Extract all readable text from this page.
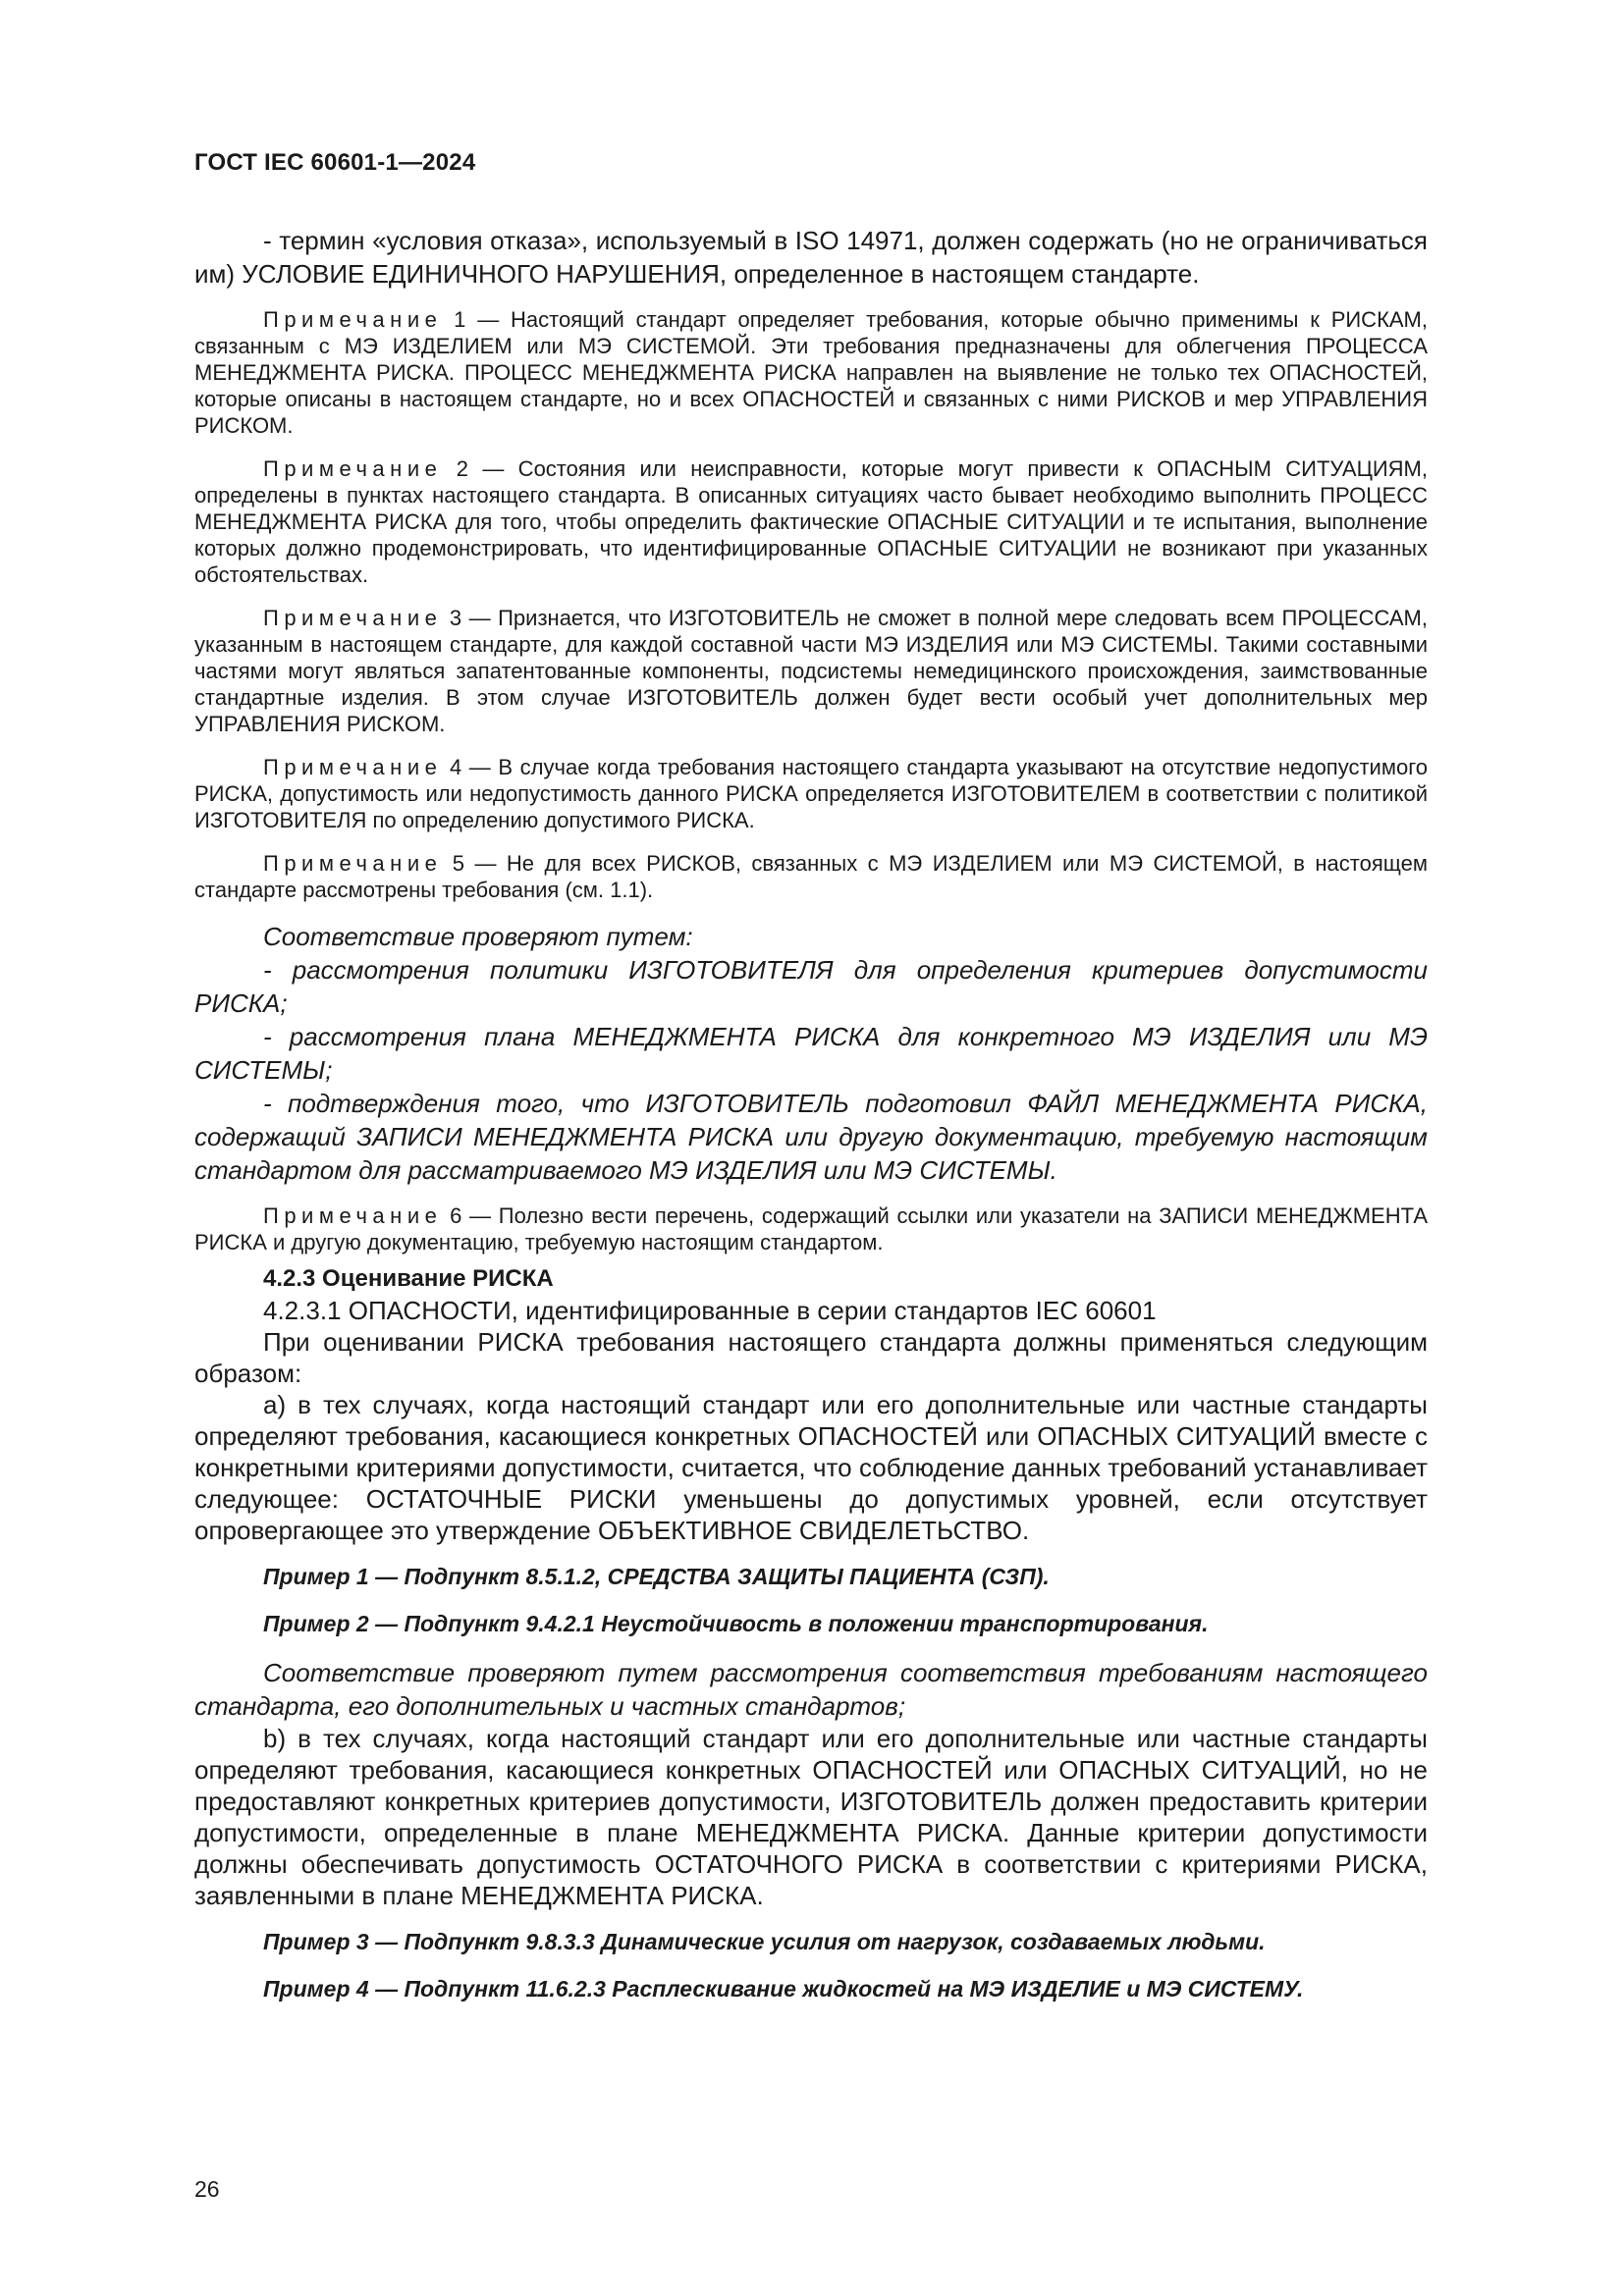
ГОСТ IEC 60601-1—2024

- термин «условия отказа», используемый в ISO 14971, должен содержать (но не ограничиваться им) УСЛОВИЕ ЕДИНИЧНОГО НАРУШЕНИЯ, определенное в настоящем стандарте.

Примечание 1 — Настоящий стандарт определяет требования, которые обычно применимы к РИСКАМ, связанным с МЭ ИЗДЕЛИЕМ или МЭ СИСТЕМОЙ. Эти требования предназначены для облегчения ПРОЦЕССА МЕНЕДЖМЕНТА РИСКА. ПРОЦЕСС МЕНЕДЖМЕНТА РИСКА направлен на выявление не только тех ОПАСНОСТЕЙ, которые описаны в настоящем стандарте, но и всех ОПАСНОСТЕЙ и связанных с ними РИСКОВ и мер УПРАВЛЕНИЯ РИСКОМ.

Примечание 2 — Состояния или неисправности, которые могут привести к ОПАСНЫМ СИТУАЦИЯМ, определены в пунктах настоящего стандарта. В описанных ситуациях часто бывает необходимо выполнить ПРОЦЕСС МЕНЕДЖМЕНТА РИСКА для того, чтобы определить фактические ОПАСНЫЕ СИТУАЦИИ и те испытания, выполнение которых должно продемонстрировать, что идентифицированные ОПАСНЫЕ СИТУАЦИИ не возникают при указанных обстоятельствах.

Примечание 3 — Признается, что ИЗГОТОВИТЕЛЬ не сможет в полной мере следовать всем ПРОЦЕССАМ, указанным в настоящем стандарте, для каждой составной части МЭ ИЗДЕЛИЯ или МЭ СИСТЕМЫ. Такими составными частями могут являться запатентованные компоненты, подсистемы немедицинского происхождения, заимствованные стандартные изделия. В этом случае ИЗГОТОВИТЕЛЬ должен будет вести особый учет дополнительных мер УПРАВЛЕНИЯ РИСКОМ.

Примечание 4 — В случае когда требования настоящего стандарта указывают на отсутствие недопустимого РИСКА, допустимость или недопустимость данного РИСКА определяется ИЗГОТОВИТЕЛЕМ в соответствии с политикой ИЗГОТОВИТЕЛЯ по определению допустимого РИСКА.

Примечание 5 — Не для всех РИСКОВ, связанных с МЭ ИЗДЕЛИЕМ или МЭ СИСТЕМОЙ, в настоящем стандарте рассмотрены требования (см. 1.1).

Соответствие проверяют путем:

- рассмотрения политики ИЗГОТОВИТЕЛЯ для определения критериев допустимости РИСКА;

- рассмотрения плана МЕНЕДЖМЕНТА РИСКА для конкретного МЭ ИЗДЕЛИЯ или МЭ СИСТЕМЫ;

- подтверждения того, что ИЗГОТОВИТЕЛЬ подготовил ФАЙЛ МЕНЕДЖМЕНТА РИСКА, содержащий ЗАПИСИ МЕНЕДЖМЕНТА РИСКА или другую документацию, требуемую настоящим стандартом для рассматриваемого МЭ ИЗДЕЛИЯ или МЭ СИСТЕМЫ.

Примечание 6 — Полезно вести перечень, содержащий ссылки или указатели на ЗАПИСИ МЕНЕДЖМЕНТА РИСКА и другую документацию, требуемую настоящим стандартом.

4.2.3 Оценивание РИСКА

4.2.3.1 ОПАСНОСТИ, идентифицированные в серии стандартов IEC 60601

При оценивании РИСКА требования настоящего стандарта должны применяться следующим образом:

a) в тех случаях, когда настоящий стандарт или его дополнительные или частные стандарты определяют требования, касающиеся конкретных ОПАСНОСТЕЙ или ОПАСНЫХ СИТУАЦИЙ вместе с конкретными критериями допустимости, считается, что соблюдение данных требований устанавливает следующее: ОСТАТОЧНЫЕ РИСКИ уменьшены до допустимых уровней, если отсутствует опровергающее это утверждение ОБЪЕКТИВНОЕ СВИДЕЛЕТЬСТВО.

Пример 1 — Подпункт 8.5.1.2, СРЕДСТВА ЗАЩИТЫ ПАЦИЕНТА (СЗП).

Пример 2 — Подпункт 9.4.2.1 Неустойчивость в положении транспортирования.

Соответствие проверяют путем рассмотрения соответствия требованиям настоящего стандарта, его дополнительных и частных стандартов;

b) в тех случаях, когда настоящий стандарт или его дополнительные или частные стандарты определяют требования, касающиеся конкретных ОПАСНОСТЕЙ или ОПАСНЫХ СИТУАЦИЙ, но не предоставляют конкретных критериев допустимости, ИЗГОТОВИТЕЛЬ должен предоставить критерии допустимости, определенные в плане МЕНЕДЖМЕНТА РИСКА. Данные критерии допустимости должны обеспечивать допустимость ОСТАТОЧНОГО РИСКА в соответствии с критериями РИСКА, заявленными в плане МЕНЕДЖМЕНТА РИСКА.

Пример 3 — Подпункт 9.8.3.3 Динамические усилия от нагрузок, создаваемых людьми.

Пример 4 — Подпункт 11.6.2.3 Расплескивание жидкостей на МЭ ИЗДЕЛИЕ и МЭ СИСТЕМУ.

26
